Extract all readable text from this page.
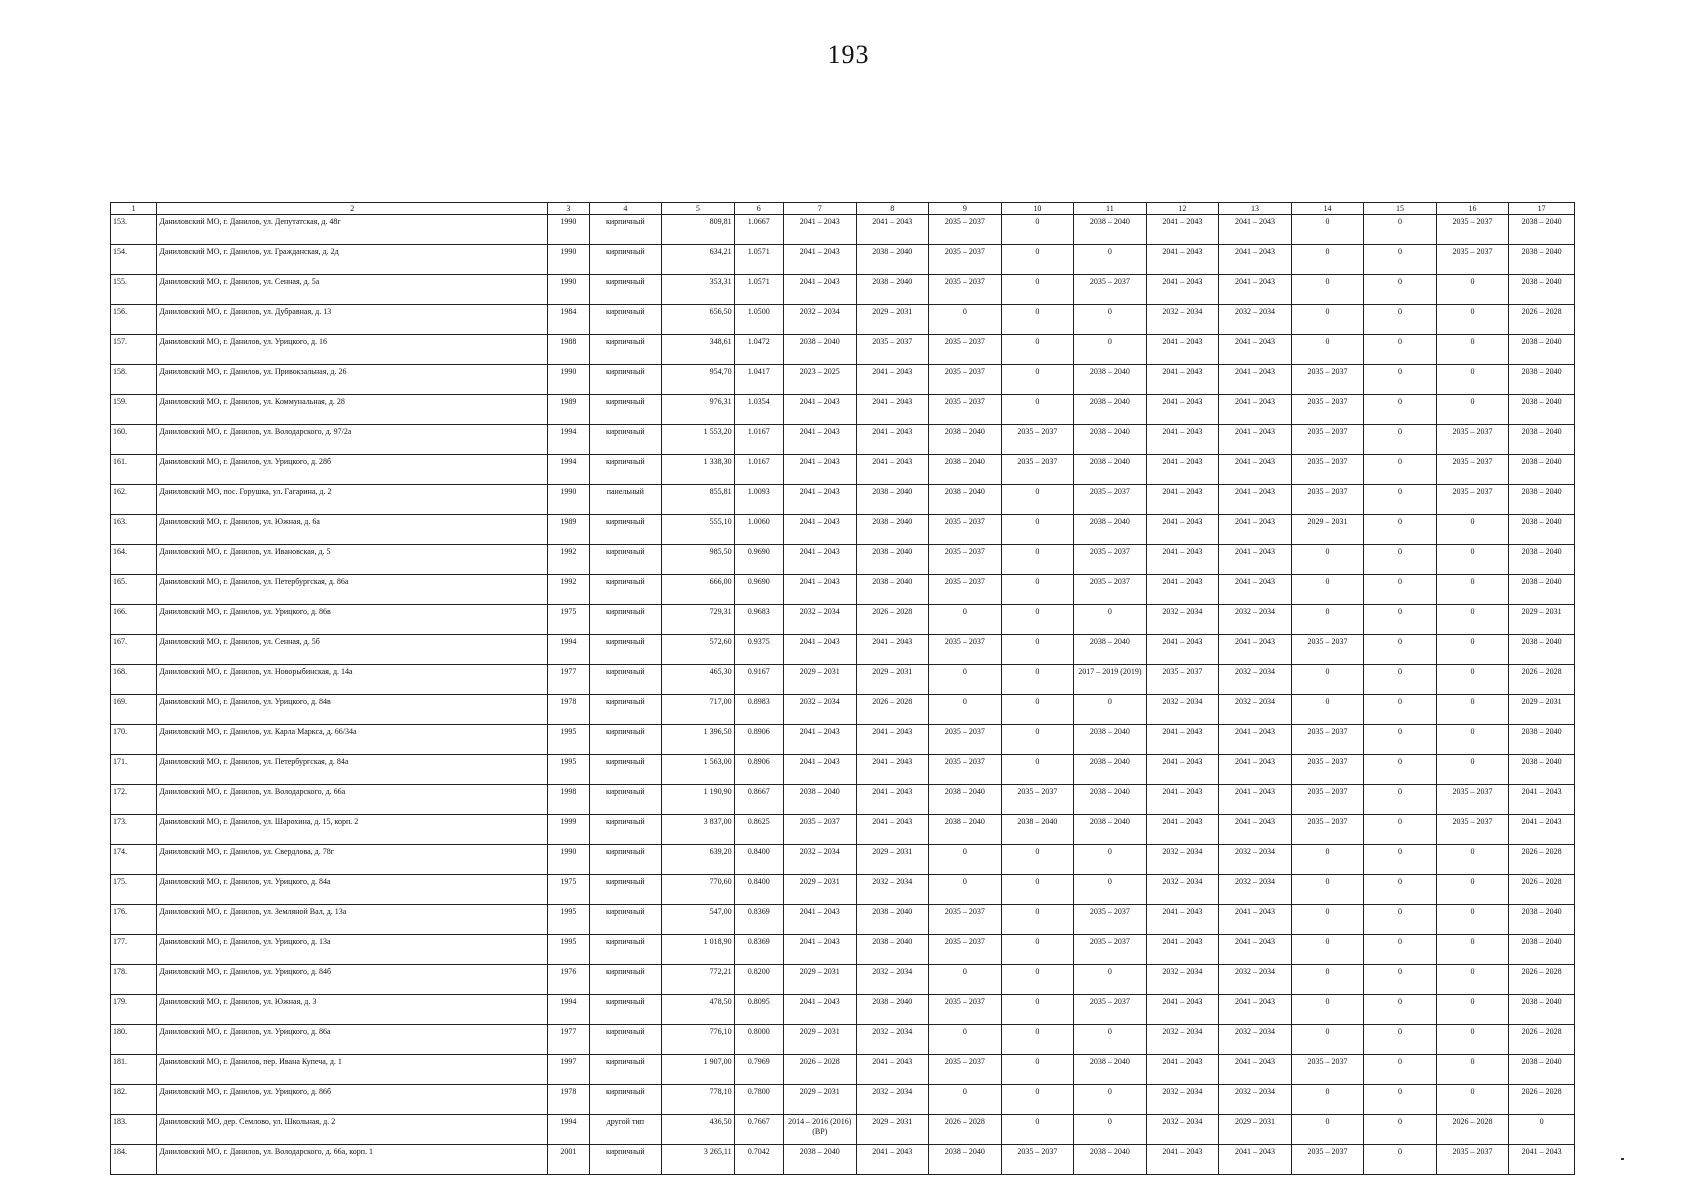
193
1	2	3	4	5	6	7	8	9	10	11	12	13	14	15	16	17
153.	Даниловский МО, г. Данилов, ул. Депутатская, д. 48г	1990	кирпичный	809,81	1.0667	2041 – 2043	2041 – 2043	2035 – 2037	0	2038 – 2040	2041 – 2043	2041 – 2043	0	0	2035 – 2037	2038 – 2040
154.	Даниловский МО, г. Данилов, ул. Гражданская, д. 2д	1990	кирпичный	634,21	1.0571	2041 – 2043	2038 – 2040	2035 – 2037	0	0	2041 – 2043	2041 – 2043	0	0	2035 – 2037	2038 – 2040
155.	Даниловский МО, г. Данилов, ул. Сенная, д. 5а	1990	кирпичный	353,31	1.0571	2041 – 2043	2038 – 2040	2035 – 2037	0	2035 – 2037	2041 – 2043	2041 – 2043	0	0	0	2038 – 2040
156.	Даниловский МО, г. Данилов, ул. Дубравная, д. 13	1984	кирпичный	656,50	1.0500	2032 – 2034	2029 – 2031	0	0	0	2032 – 2034	2032 – 2034	0	0	0	2026 – 2028
157.	Даниловский МО, г. Данилов, ул. Урицкого, д. 16	1988	кирпичный	348,61	1.0472	2038 – 2040	2035 – 2037	2035 – 2037	0	0	2041 – 2043	2041 – 2043	0	0	0	2038 – 2040
158.	Даниловский МО, г. Данилов, ул. Привокзальная, д. 26	1990	кирпичный	954,70	1.0417	2023 – 2025	2041 – 2043	2035 – 2037	0	2038 – 2040	2041 – 2043	2041 – 2043	2035 – 2037	0	0	2038 – 2040
159.	Даниловский МО, г. Данилов, ул. Коммунальная, д. 28	1989	кирпичный	976,31	1.0354	2041 – 2043	2041 – 2043	2035 – 2037	0	2038 – 2040	2041 – 2043	2041 – 2043	2035 – 2037	0	0	2038 – 2040
160.	Даниловский МО, г. Данилов, ул. Володарского, д. 97/2а	1994	кирпичный	1 553,20	1.0167	2041 – 2043	2041 – 2043	2038 – 2040	2035 – 2037	2038 – 2040	2041 – 2043	2041 – 2043	2035 – 2037	0	2035 – 2037	2038 – 2040
161.	Даниловский МО, г. Данилов, ул. Урицкого, д. 28б	1994	кирпичный	1 338,30	1.0167	2041 – 2043	2041 – 2043	2038 – 2040	2035 – 2037	2038 – 2040	2041 – 2043	2041 – 2043	2035 – 2037	0	2035 – 2037	2038 – 2040
162.	Даниловский МО, пос. Горушка, ул. Гагарина, д. 2	1990	панельный	855,81	1.0093	2041 – 2043	2038 – 2040	2038 – 2040	0	2035 – 2037	2041 – 2043	2041 – 2043	2035 – 2037	0	2035 – 2037	2038 – 2040
163.	Даниловский МО, г. Данилов, ул. Южная, д. 6а	1989	кирпичный	555,10	1.0060	2041 – 2043	2038 – 2040	2035 – 2037	0	2038 – 2040	2041 – 2043	2041 – 2043	2029 – 2031	0	0	2038 – 2040
164.	Даниловский МО, г. Данилов, ул. Ивановская, д. 5	1992	кирпичный	985,50	0.9690	2041 – 2043	2038 – 2040	2035 – 2037	0	2035 – 2037	2041 – 2043	2041 – 2043	0	0	0	2038 – 2040
165.	Даниловский МО, г. Данилов, ул. Петербургская, д. 86а	1992	кирпичный	666,00	0.9690	2041 – 2043	2038 – 2040	2035 – 2037	0	2035 – 2037	2041 – 2043	2041 – 2043	0	0	0	2038 – 2040
166.	Даниловский МО, г. Данилов, ул. Урицкого, д. 86в	1975	кирпичный	729,31	0.9683	2032 – 2034	2026 – 2028	0	0	0	2032 – 2034	2032 – 2034	0	0	0	2029 – 2031
167.	Даниловский МО, г. Данилов, ул. Сенная, д. 5б	1994	кирпичный	572,60	0.9375	2041 – 2043	2041 – 2043	2035 – 2037	0	2038 – 2040	2041 – 2043	2041 – 2043	2035 – 2037	0	0	2038 – 2040
168.	Даниловский МО, г. Данилов, ул. Новорыбинская, д. 14а	1977	кирпичный	465,30	0.9167	2029 – 2031	2029 – 2031	0	0	2017 – 2019 (2019)	2035 – 2037	2032 – 2034	0	0	0	2026 – 2028
169.	Даниловский МО, г. Данилов, ул. Урицкого, д. 84в	1978	кирпичный	717,00	0.8983	2032 – 2034	2026 – 2028	0	0	0	2032 – 2034	2032 – 2034	0	0	0	2029 – 2031
170.	Даниловский МО, г. Данилов, ул. Карла Маркса, д. 66/34а	1995	кирпичный	1 396,50	0.8906	2041 – 2043	2041 – 2043	2035 – 2037	0	2038 – 2040	2041 – 2043	2041 – 2043	2035 – 2037	0	0	2038 – 2040
171.	Даниловский МО, г. Данилов, ул. Петербургская, д. 84а	1995	кирпичный	1 563,00	0.8906	2041 – 2043	2041 – 2043	2035 – 2037	0	2038 – 2040	2041 – 2043	2041 – 2043	2035 – 2037	0	0	2038 – 2040
172.	Даниловский МО, г. Данилов, ул. Володарского, д. 66а	1998	кирпичный	1 190,90	0.8667	2038 – 2040	2041 – 2043	2038 – 2040	2035 – 2037	2038 – 2040	2041 – 2043	2041 – 2043	2035 – 2037	0	2035 – 2037	2041 – 2043
173.	Даниловский МО, г. Данилов, ул. Шарохина, д. 15, корп. 2	1999	кирпичный	3 837,00	0.8625	2035 – 2037	2041 – 2043	2038 – 2040	2038 – 2040	2038 – 2040	2041 – 2043	2041 – 2043	2035 – 2037	0	2035 – 2037	2041 – 2043
174.	Даниловский МО, г. Данилов, ул. Свердлова, д. 78г	1990	кирпичный	639,20	0.8400	2032 – 2034	2029 – 2031	0	0	0	2032 – 2034	2032 – 2034	0	0	0	2026 – 2028
175.	Даниловский МО, г. Данилов, ул. Урицкого, д. 84а	1975	кирпичный	770,60	0.8400	2029 – 2031	2032 – 2034	0	0	0	2032 – 2034	2032 – 2034	0	0	0	2026 – 2028
176.	Даниловский МО, г. Данилов, ул. Земляной Вал, д. 13а	1995	кирпичный	547,00	0.8369	2041 – 2043	2038 – 2040	2035 – 2037	0	2035 – 2037	2041 – 2043	2041 – 2043	0	0	0	2038 – 2040
177.	Даниловский МО, г. Данилов, ул. Урицкого, д. 13а	1995	кирпичный	1 018,90	0.8369	2041 – 2043	2038 – 2040	2035 – 2037	0	2035 – 2037	2041 – 2043	2041 – 2043	0	0	0	2038 – 2040
178.	Даниловский МО, г. Данилов, ул. Урицкого, д. 84б	1976	кирпичный	772,21	0.8200	2029 – 2031	2032 – 2034	0	0	0	2032 – 2034	2032 – 2034	0	0	0	2026 – 2028
179.	Даниловский МО, г. Данилов, ул. Южная, д. 3	1994	кирпичный	478,50	0.8095	2041 – 2043	2038 – 2040	2035 – 2037	0	2035 – 2037	2041 – 2043	2041 – 2043	0	0	0	2038 – 2040
180.	Даниловский МО, г. Данилов, ул. Урицкого, д. 86а	1977	кирпичный	776,10	0.8000	2029 – 2031	2032 – 2034	0	0	0	2032 – 2034	2032 – 2034	0	0	0	2026 – 2028
181.	Даниловский МО, г. Данилов, пер. Ивана Купеча, д. 1	1997	кирпичный	1 907,00	0.7969	2026 – 2028	2041 – 2043	2035 – 2037	0	2038 – 2040	2041 – 2043	2041 – 2043	2035 – 2037	0	0	2038 – 2040
182.	Даниловский МО, г. Данилов, ул. Урицкого, д. 86б	1978	кирпичный	778,10	0.7800	2029 – 2031	2032 – 2034	0	0	0	2032 – 2034	2032 – 2034	0	0	0	2026 – 2028
183.	Даниловский МО, дер. Семлово, ул. Школьная, д. 2	1994	другой тип	436,50	0.7667	2014 – 2016 (2016) (ВР)	2029 – 2031	2026 – 2028	0	0	2032 – 2034	2029 – 2031	0	0	2026 – 2028	0
184.	Даниловский МО, г. Данилов, ул. Володарского, д. 66а, корп. 1	2001	кирпичный	3 265,11	0.7042	2038 – 2040	2041 – 2043	2038 – 2040	2035 – 2037	2038 – 2040	2041 – 2043	2041 – 2043	2035 – 2037	0	2035 – 2037	2041 – 2043
